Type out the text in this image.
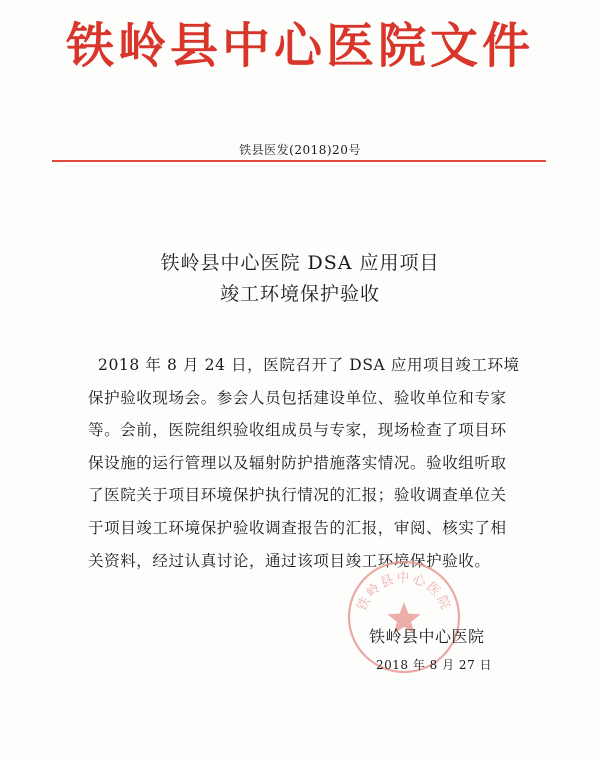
铁岭县中心医院文件
铁县医发(2018)20号
铁岭县中心医院 DSA 应用项目
竣工环境保护验收
2018 年 8 月 24 日，医院召开了 DSA 应用项目竣工环境
保护验收现场会。参会人员包括建设单位、验收单位和专家
等。会前，医院组织验收组成员与专家，现场检查了项目环
保设施的运行管理以及辐射防护措施落实情况。验收组听取
了医院关于项目环境保护执行情况的汇报；验收调查单位关
于项目竣工环境保护验收调查报告的汇报，审阅、核实了相
关资料，经过认真讨论，通过该项目竣工环境保护验收。
铁岭县中心医院
铁岭县中心医院
2018 年 8 月 27 日
